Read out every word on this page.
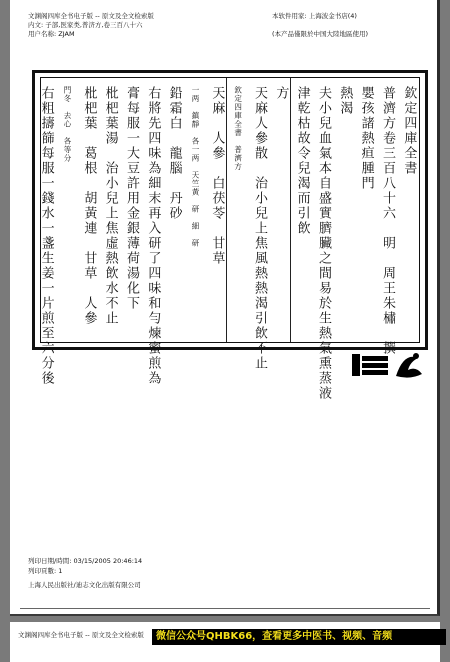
文渊阁四库全书电子版 -- 原文及全文检索版
内文: 子部,医家类,普济方,卷三百八十六
用户名称: ZJAM
本软件用家: 上海波金书店(4)
(本产品僅限於中国大陸地區使用)
欽定四庫全書
普濟方卷三百八十六　明　周王朱橚　撰
嬰孩諸熱疸腫門
熱渴
夫小兒血氣本自盛實臍臟之間易於生熱氣熏蒸液
津乾枯故令兒渴而引飲
方
天麻人參散　治小兒上焦風熱熱渴引飲不止
欽定四庫全書　普濟方
天麻　人參　白茯苓　甘草
一两　鎮靜　各一两　天竺黃　研　細　研
鉛霜白　龍腦　丹砂
右將先四味為細末再入研了四味和勻煉蜜煎為
膏每服一大豆許用金銀薄荷湯化下
枇杷葉湯　治小兒上焦虛熱飲水不止
枇杷葉　葛根　胡黃連　甘草　人參
門冬　去心　各等分
右粗擣篩每服一錢水一盞生姜一片煎至六分後
列印日期/時間: 03/15/2005 20:46:14
列印頁數: 1
上海人民出版社/迪志文化出版有限公司
文渊阁四库全书电子版 -- 原文及全文检索版	微信公众号QHBK66，查看更多中医书、视频、音频
